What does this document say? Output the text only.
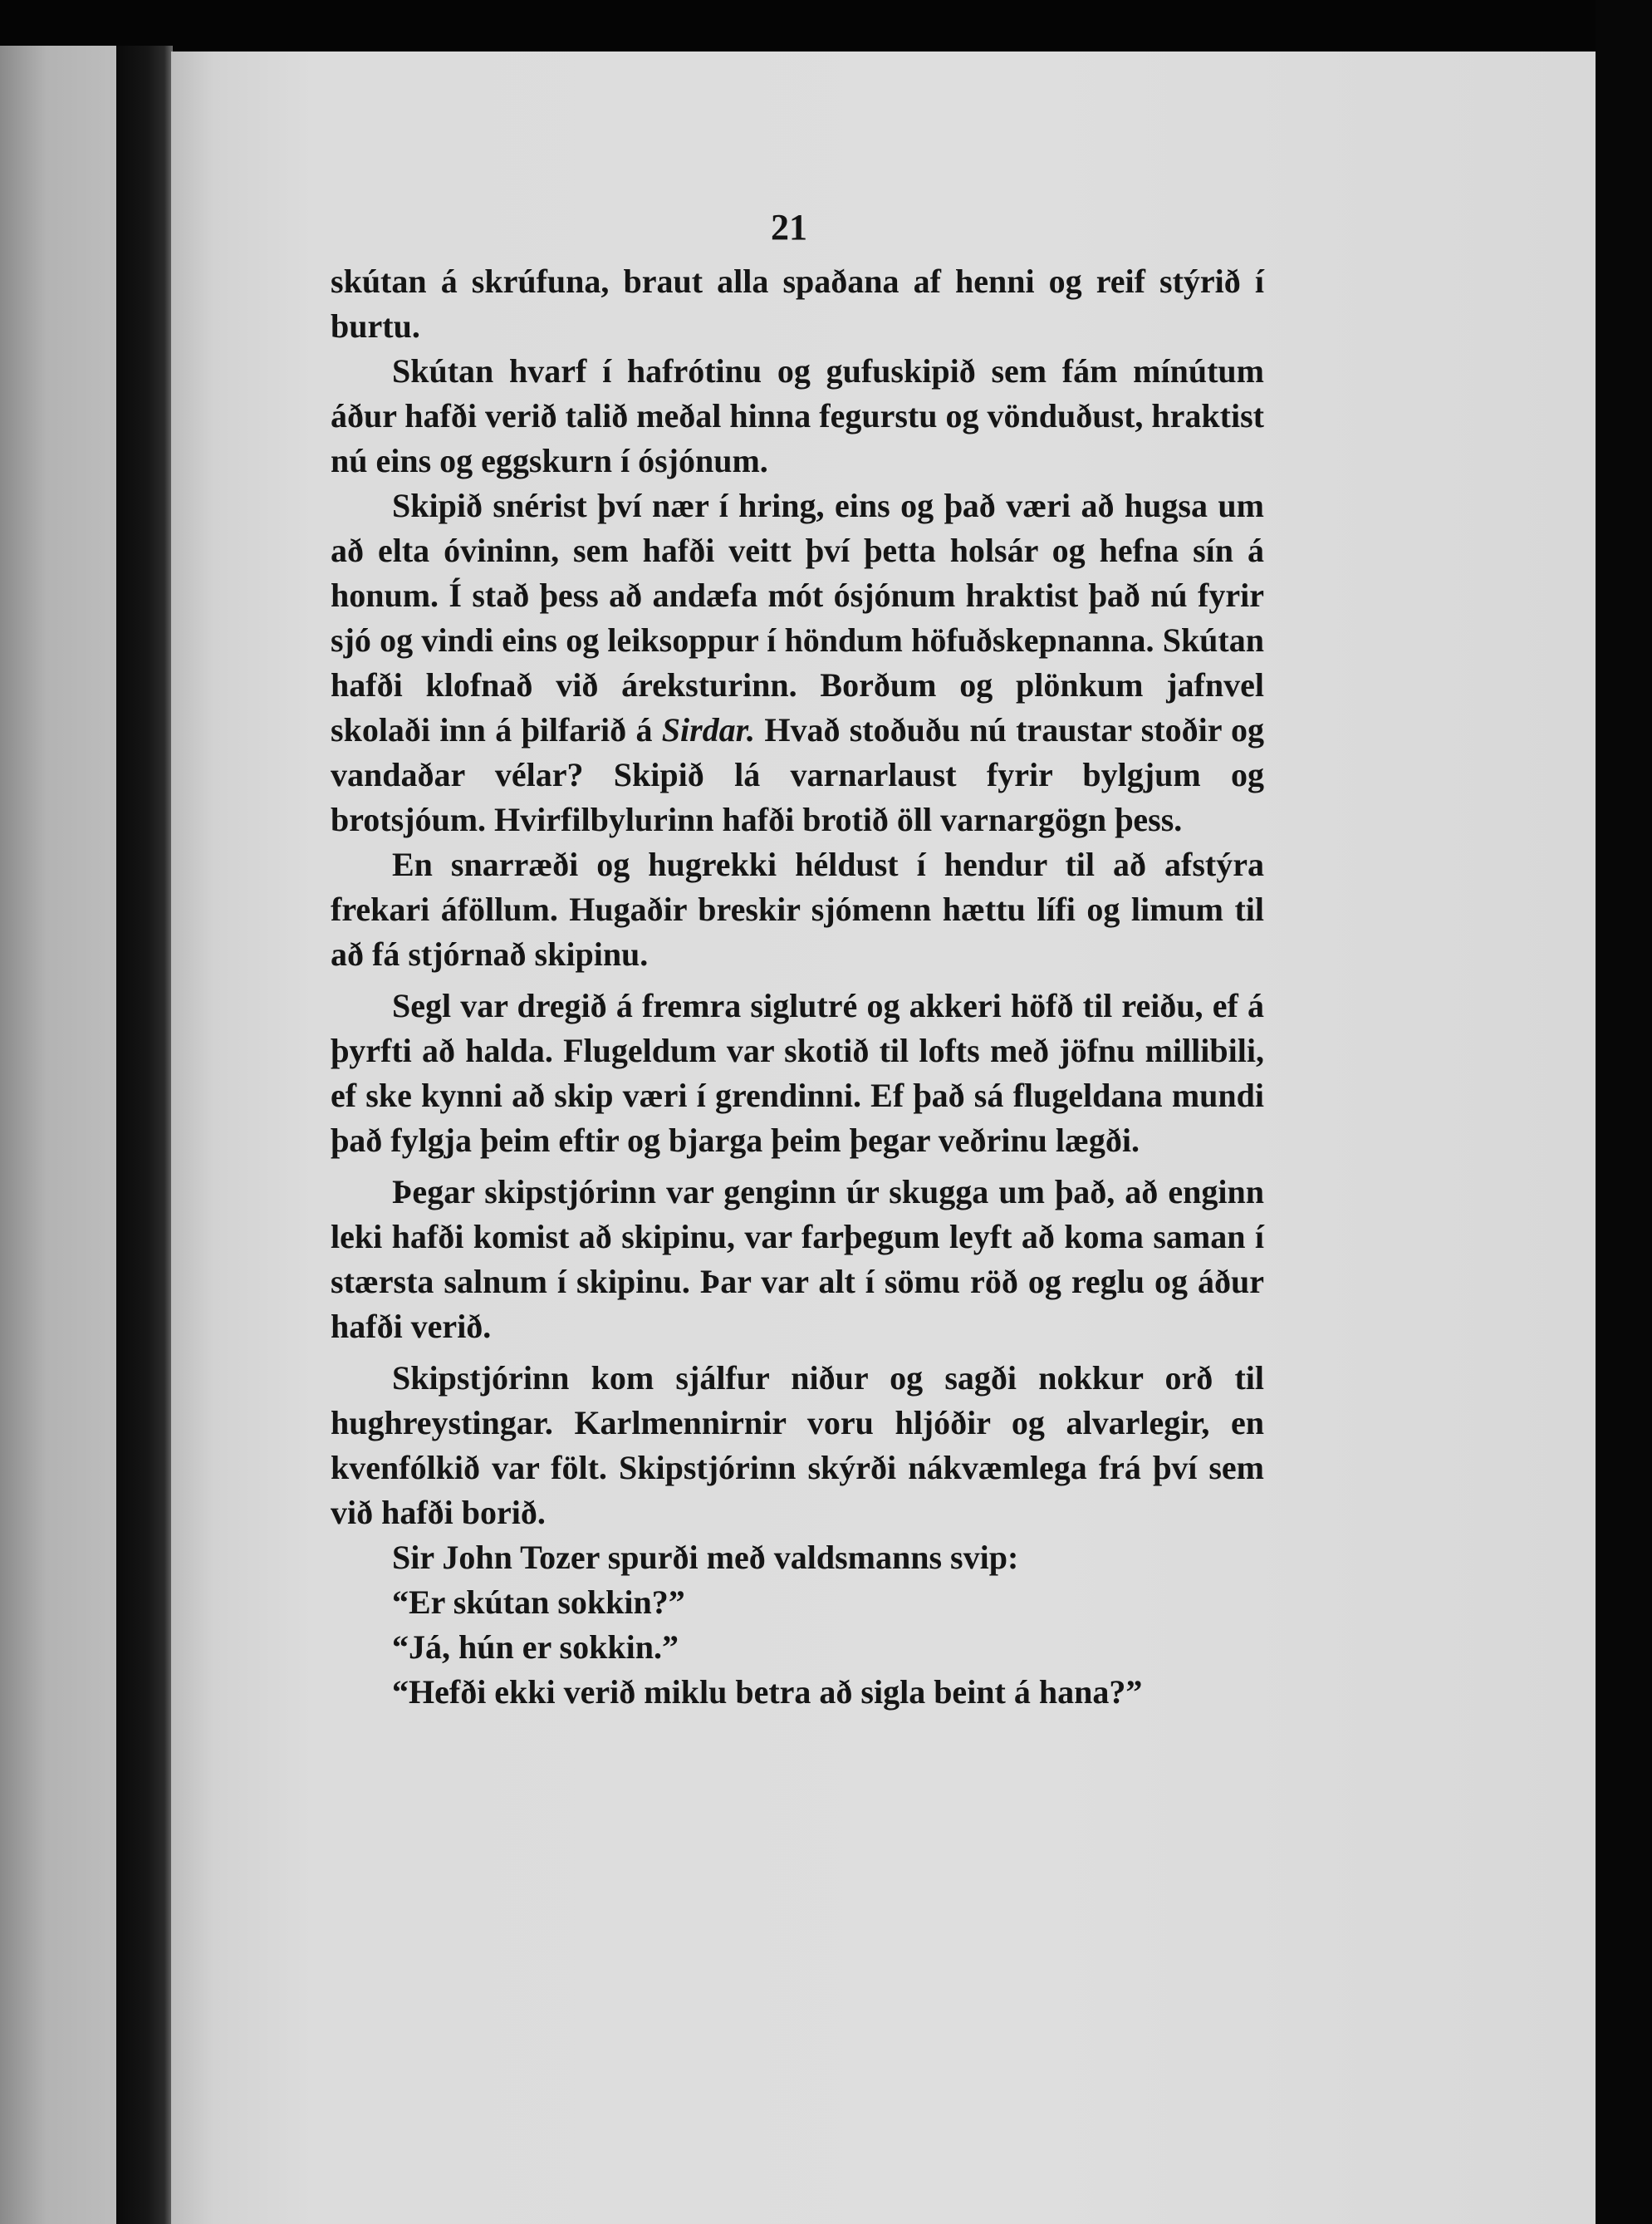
21

skútan á skrúfuna, braut alla spaðana af henni og reif stýrið í burtu.

Skútan hvarf í hafrótinu og gufuskipið sem fám mínútum áður hafði verið talið meðal hinna fegurstu og vönduðust, hraktist nú eins og eggskurn í ósjónum.

Skipið snérist því nær í hring, eins og það væri að hugsa um að elta óvininn, sem hafði veitt því þetta holsár og hefna sín á honum. Í stað þess að andæfa mót ósjónum hraktist það nú fyrir sjó og vindi eins og leiksoppur í höndum höfuðskepnanna. Skútan hafði klofnað við áreksturinn. Borðum og plönkum jafnvel skolaði inn á þilfarið á Sirdar. Hvað stoðuðu nú traustar stoðir og vandaðar vélar? Skipið lá varnarlaust fyrir bylgjum og brotsjóum. Hvirfilbylurinn hafði brotið öll varnargögn þess.

En snarræði og hugrekki héldust í hendur til að afstýra frekari áföllum. Hugaðir breskir sjómenn hættu lífi og limum til að fá stjórnað skipinu.

Segl var dregið á fremra siglutré og akkeri höfð til reiðu, ef á þyrfti að halda. Flugeldum var skotið til lofts með jöfnu millibili, ef ske kynni að skip væri í grendinni. Ef það sá flugeldana mundi það fylgja þeim eftir og bjarga þeim þegar veðrinu lægði.

Þegar skipstjórinn var genginn úr skugga um það, að enginn leki hafði komist að skipinu, var farþegum leyft að koma saman í stærsta salnum í skipinu. Þar var alt í sömu röð og reglu og áður hafði verið.

Skipstjórinn kom sjálfur niður og sagði nokkur orð til hughreystingar. Karlmennirnir voru hljóðir og alvarlegir, en kvenfólkið var fölt. Skipstjórinn skýrði nákvæmlega frá því sem við hafði borið.

Sir John Tozer spurði með valdsmanns svip:

“Er skútan sokkin?”

“Já, hún er sokkin.”

“Hefði ekki verið miklu betra að sigla beint á hana?”
